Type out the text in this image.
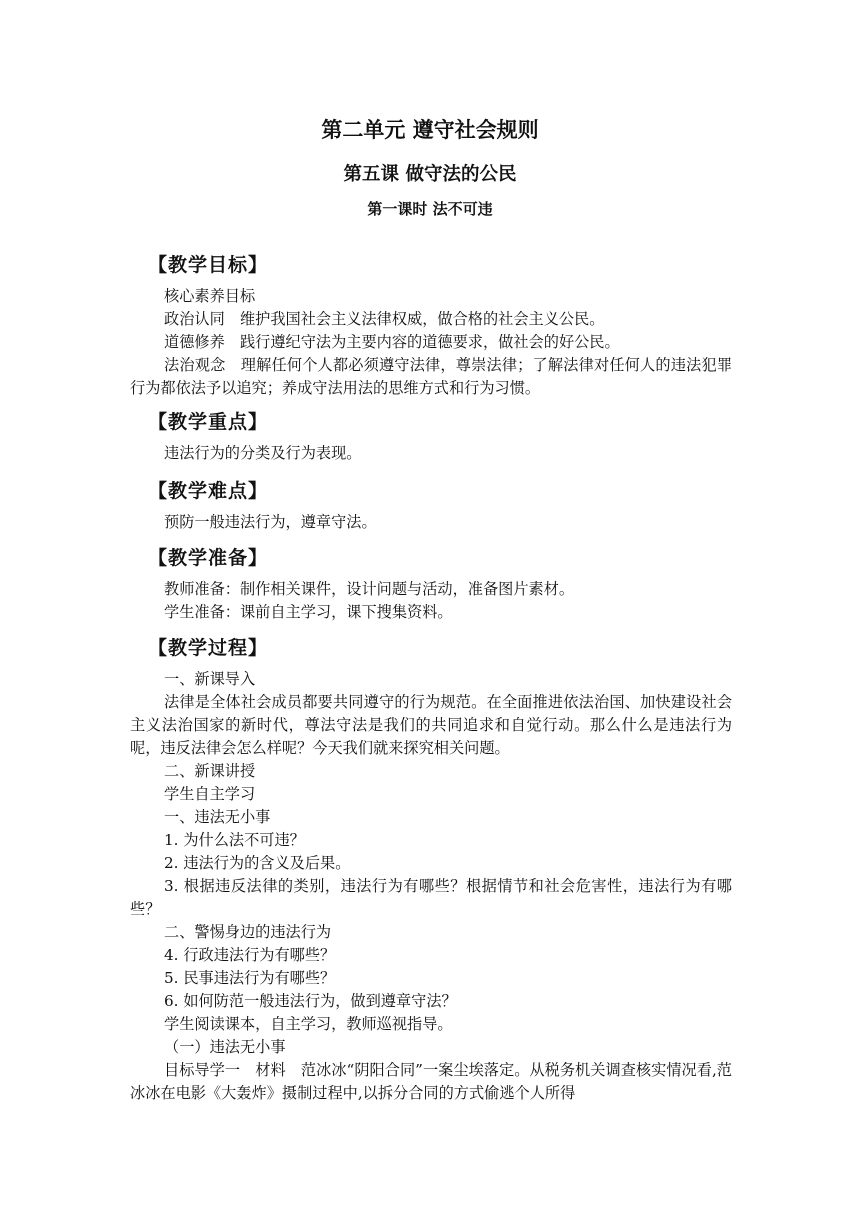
第二单元 遵守社会规则
第五课 做守法的公民
第一课时 法不可违
【教学目标】
核心素养目标
政治认同　维护我国社会主义法律权威，做合格的社会主义公民。
道德修养　践行遵纪守法为主要内容的道德要求，做社会的好公民。
法治观念　理解任何个人都必须遵守法律，尊崇法律；了解法律对任何人的违法犯罪行为都依法予以追究；养成守法用法的思维方式和行为习惯。
【教学重点】
违法行为的分类及行为表现。
【教学难点】
预防一般违法行为，遵章守法。
【教学准备】
教师准备：制作相关课件，设计问题与活动，准备图片素材。
学生准备：课前自主学习，课下搜集资料。
【教学过程】
一、新课导入
法律是全体社会成员都要共同遵守的行为规范。在全面推进依法治国、加快建设社会主义法治国家的新时代，尊法守法是我们的共同追求和自觉行动。那么什么是违法行为呢，违反法律会怎么样呢？今天我们就来探究相关问题。
二、新课讲授
学生自主学习
一、违法无小事
1. 为什么法不可违？
2. 违法行为的含义及后果。
3. 根据违反法律的类别，违法行为有哪些？根据情节和社会危害性，违法行为有哪些？
二、警惕身边的违法行为
4. 行政违法行为有哪些？
5. 民事违法行为有哪些？
6. 如何防范一般违法行为，做到遵章守法？
学生阅读课本，自主学习，教师巡视指导。
（一）违法无小事
目标导学一　材料　范冰冰“阴阳合同”一案尘埃落定。从税务机关调查核实情况看,范冰冰在电影《大轰炸》摄制过程中,以拆分合同的方式偷逃个人所得
